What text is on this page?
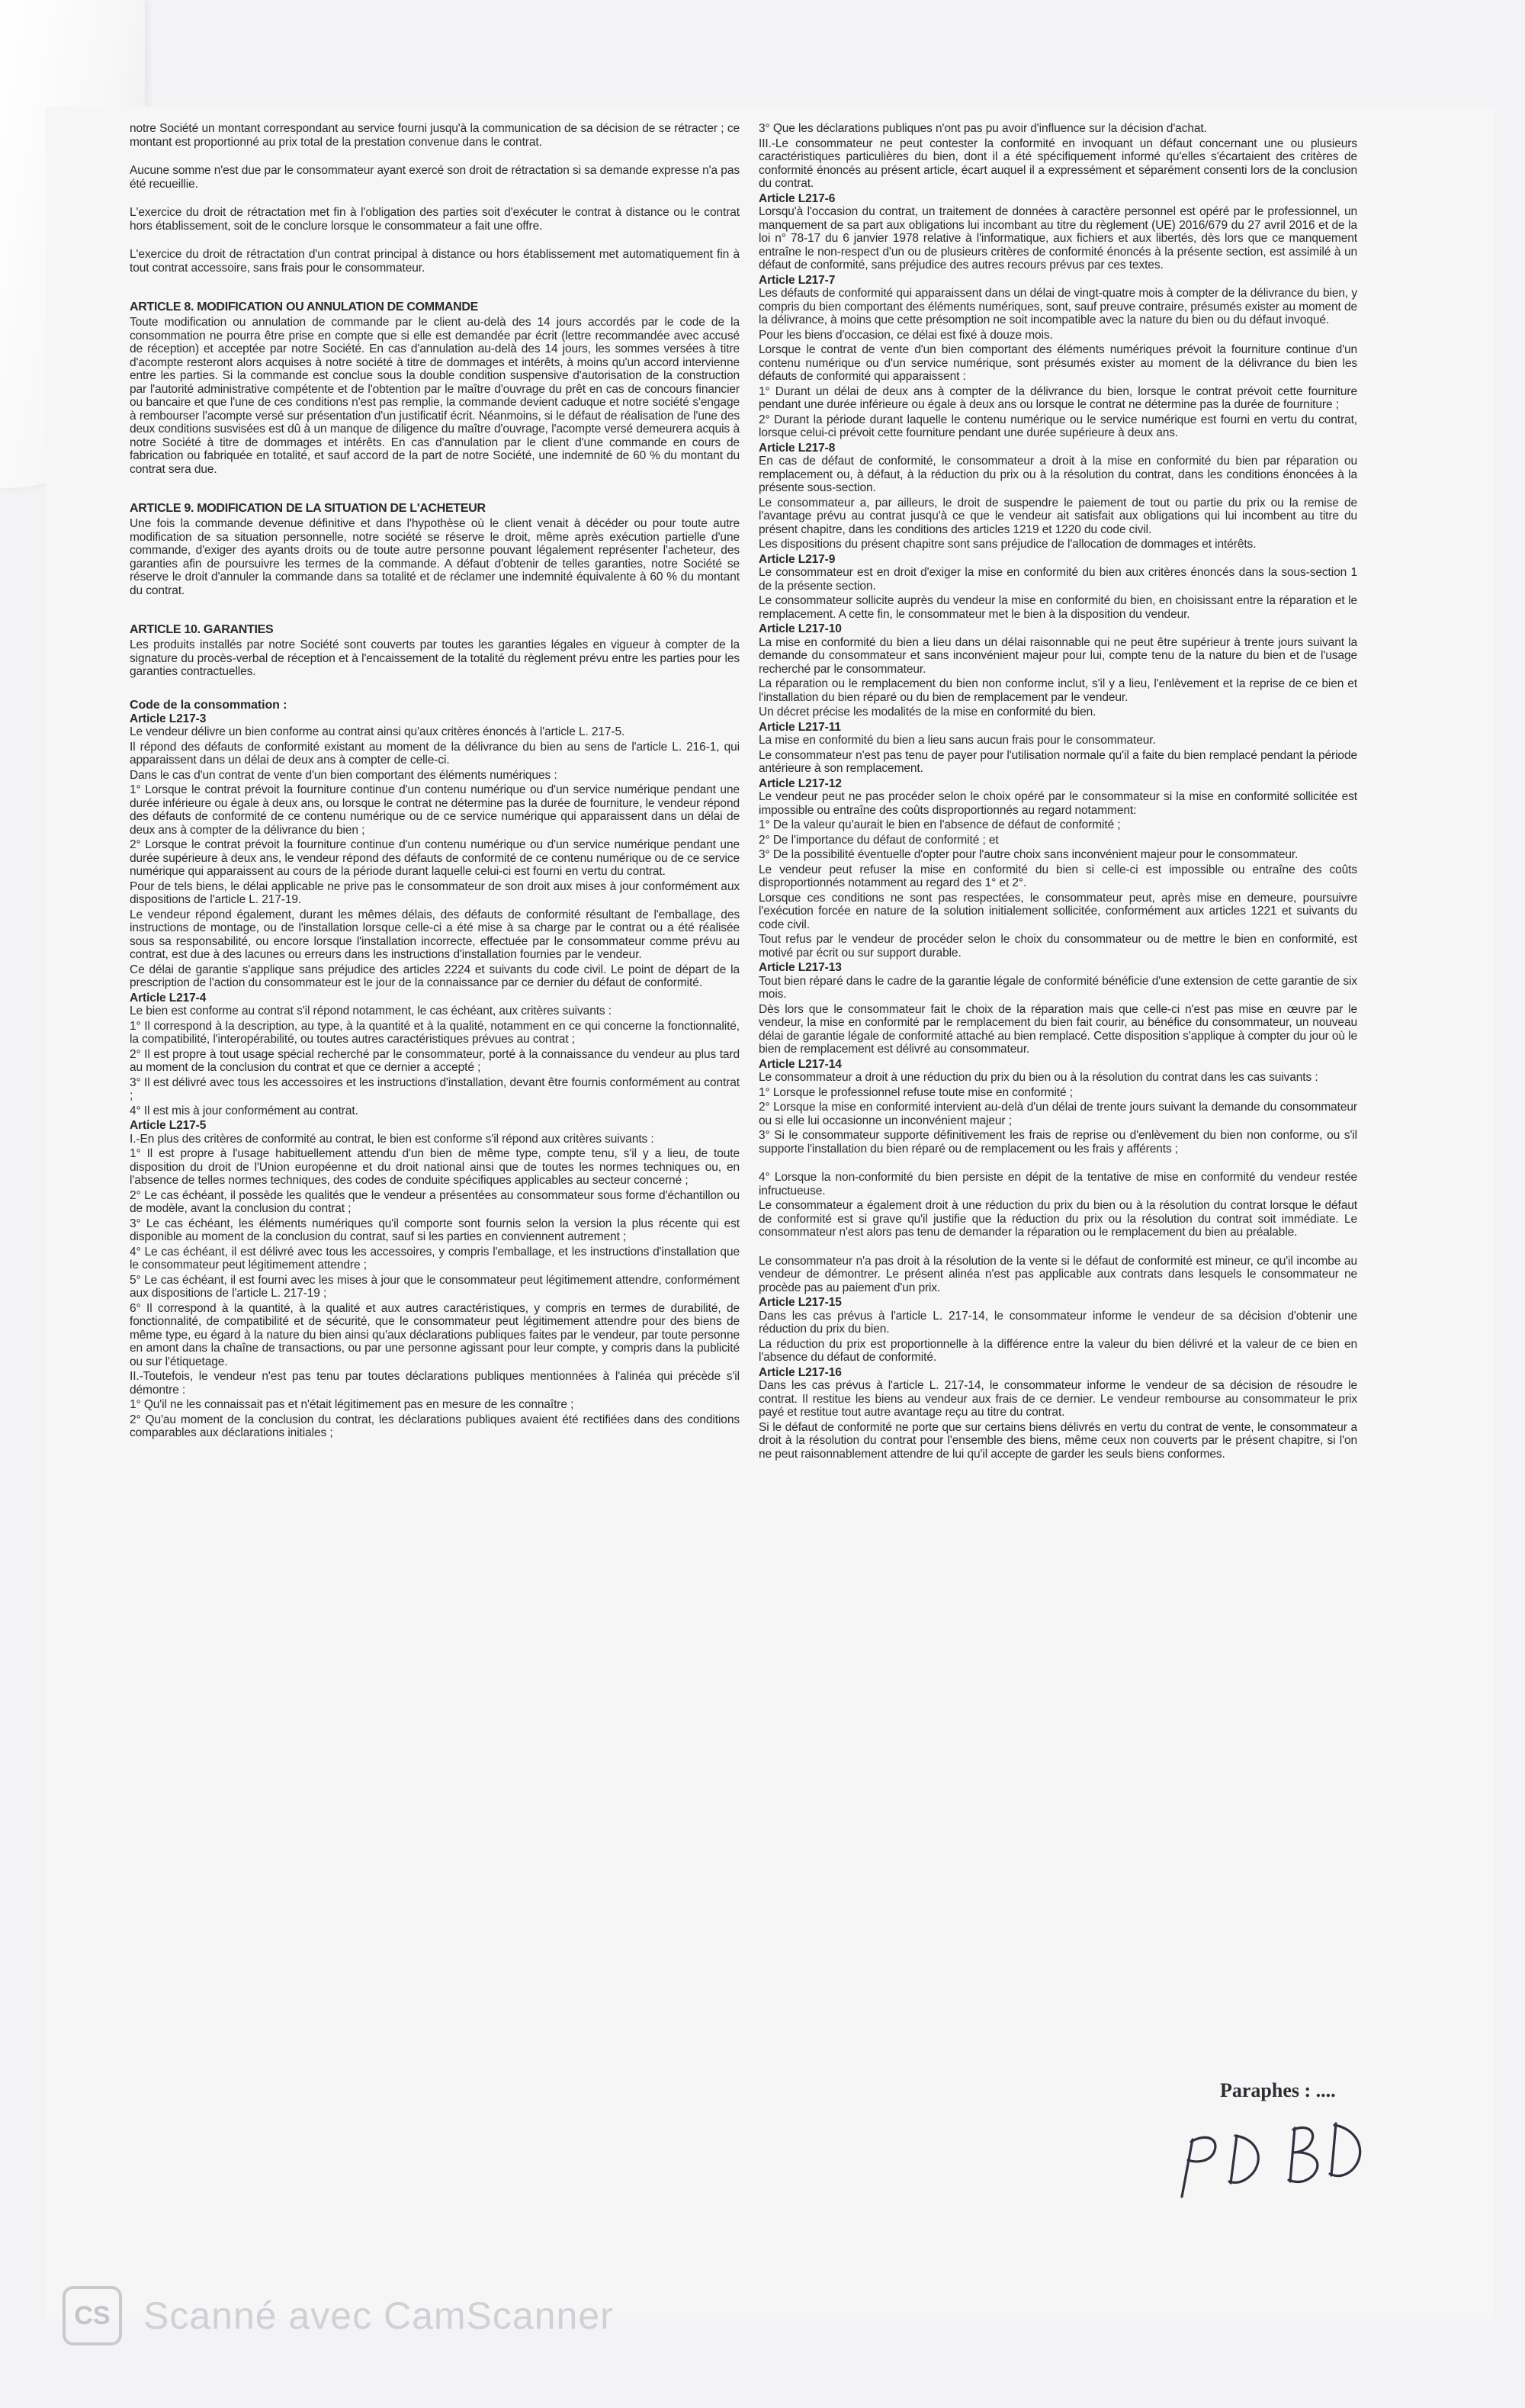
notre Société un montant correspondant au service fourni jusqu'à la communication de sa décision de se rétracter ; ce montant est proportionné au prix total de la prestation convenue dans le contrat.

Aucune somme n'est due par le consommateur ayant exercé son droit de rétractation si sa demande expresse n'a pas été recueillie.

L'exercice du droit de rétractation met fin à l'obligation des parties soit d'exécuter le contrat à distance ou le contrat hors établissement, soit de le conclure lorsque le consommateur a fait une offre.

L'exercice du droit de rétractation d'un contrat principal à distance ou hors établissement met automatiquement fin à tout contrat accessoire, sans frais pour le consommateur.

ARTICLE 8. MODIFICATION OU ANNULATION DE COMMANDE

Toute modification ou annulation de commande par le client au-delà des 14 jours accordés par le code de la consommation ne pourra être prise en compte que si elle est demandée par écrit (lettre recommandée avec accusé de réception) et acceptée par notre Société. En cas d'annulation au-delà des 14 jours, les sommes versées à titre d'acompte resteront alors acquises à notre société à titre de dommages et intérêts, à moins qu'un accord intervienne entre les parties. Si la commande est conclue sous la double condition suspensive d'autorisation de la construction par l'autorité administrative compétente et de l'obtention par le maître d'ouvrage du prêt en cas de concours financier ou bancaire et que l'une de ces conditions n'est pas remplie, la commande devient caduque et notre société s'engage à rembourser l'acompte versé sur présentation d'un justificatif écrit. Néanmoins, si le défaut de réalisation de l'une des deux conditions susvisées est dû à un manque de diligence du maître d'ouvrage, l'acompte versé demeurera acquis à notre Société à titre de dommages et intérêts. En cas d'annulation par le client d'une commande en cours de fabrication ou fabriquée en totalité, et sauf accord de la part de notre Société, une indemnité de 60 % du montant du contrat sera due.

ARTICLE 9. MODIFICATION DE LA SITUATION DE L'ACHETEUR

Une fois la commande devenue définitive et dans l'hypothèse où le client venait à décéder ou pour toute autre modification de sa situation personnelle, notre société se réserve le droit, même après exécution partielle d'une commande, d'exiger des ayants droits ou de toute autre personne pouvant légalement représenter l'acheteur, des garanties afin de poursuivre les termes de la commande. A défaut d'obtenir de telles garanties, notre Société se réserve le droit d'annuler la commande dans sa totalité et de réclamer une indemnité équivalente à 60 % du montant du contrat.

ARTICLE 10. GARANTIES

Les produits installés par notre Société sont couverts par toutes les garanties légales en vigueur à compter de la signature du procès-verbal de réception et à l'encaissement de la totalité du règlement prévu entre les parties pour les garanties contractuelles.

Code de la consommation :
Article L217-3

Le vendeur délivre un bien conforme au contrat ainsi qu'aux critères énoncés à l'article L. 217-5.

Il répond des défauts de conformité existant au moment de la délivrance du bien au sens de l'article L. 216-1, qui apparaissent dans un délai de deux ans à compter de celle-ci.

Dans le cas d'un contrat de vente d'un bien comportant des éléments numériques :

1° Lorsque le contrat prévoit la fourniture continue d'un contenu numérique ou d'un service numérique pendant une durée inférieure ou égale à deux ans, ou lorsque le contrat ne détermine pas la durée de fourniture, le vendeur répond des défauts de conformité de ce contenu numérique ou de ce service numérique qui apparaissent dans un délai de deux ans à compter de la délivrance du bien ;

2° Lorsque le contrat prévoit la fourniture continue d'un contenu numérique ou d'un service numérique pendant une durée supérieure à deux ans, le vendeur répond des défauts de conformité de ce contenu numérique ou de ce service numérique qui apparaissent au cours de la période durant laquelle celui-ci est fourni en vertu du contrat.

Pour de tels biens, le délai applicable ne prive pas le consommateur de son droit aux mises à jour conformément aux dispositions de l'article L. 217-19.

Le vendeur répond également, durant les mêmes délais, des défauts de conformité résultant de l'emballage, des instructions de montage, ou de l'installation lorsque celle-ci a été mise à sa charge par le contrat ou a été réalisée sous sa responsabilité, ou encore lorsque l'installation incorrecte, effectuée par le consommateur comme prévu au contrat, est due à des lacunes ou erreurs dans les instructions d'installation fournies par le vendeur.

Ce délai de garantie s'applique sans préjudice des articles 2224 et suivants du code civil. Le point de départ de la prescription de l'action du consommateur est le jour de la connaissance par ce dernier du défaut de conformité.

Article L217-4

Le bien est conforme au contrat s'il répond notamment, le cas échéant, aux critères suivants :

1° Il correspond à la description, au type, à la quantité et à la qualité, notamment en ce qui concerne la fonctionnalité, la compatibilité, l'interopérabilité, ou toutes autres caractéristiques prévues au contrat ;

2° Il est propre à tout usage spécial recherché par le consommateur, porté à la connaissance du vendeur au plus tard au moment de la conclusion du contrat et que ce dernier a accepté ;

3° Il est délivré avec tous les accessoires et les instructions d'installation, devant être fournis conformément au contrat ;

4° Il est mis à jour conformément au contrat.

Article L217-5

I.-En plus des critères de conformité au contrat, le bien est conforme s'il répond aux critères suivants :

1° Il est propre à l'usage habituellement attendu d'un bien de même type, compte tenu, s'il y a lieu, de toute disposition du droit de l'Union européenne et du droit national ainsi que de toutes les normes techniques ou, en l'absence de telles normes techniques, des codes de conduite spécifiques applicables au secteur concerné ;

2° Le cas échéant, il possède les qualités que le vendeur a présentées au consommateur sous forme d'échantillon ou de modèle, avant la conclusion du contrat ;

3° Le cas échéant, les éléments numériques qu'il comporte sont fournis selon la version la plus récente qui est disponible au moment de la conclusion du contrat, sauf si les parties en conviennent autrement ;

4° Le cas échéant, il est délivré avec tous les accessoires, y compris l'emballage, et les instructions d'installation que le consommateur peut légitimement attendre ;

5° Le cas échéant, il est fourni avec les mises à jour que le consommateur peut légitimement attendre, conformément aux dispositions de l'article L. 217-19 ;

6° Il correspond à la quantité, à la qualité et aux autres caractéristiques, y compris en termes de durabilité, de fonctionnalité, de compatibilité et de sécurité, que le consommateur peut légitimement attendre pour des biens de même type, eu égard à la nature du bien ainsi qu'aux déclarations publiques faites par le vendeur, par toute personne en amont dans la chaîne de transactions, ou par une personne agissant pour leur compte, y compris dans la publicité ou sur l'étiquetage.

II.-Toutefois, le vendeur n'est pas tenu par toutes déclarations publiques mentionnées à l'alinéa qui précède s'il démontre :

1° Qu'il ne les connaissait pas et n'était légitimement pas en mesure de les connaître ;

2° Qu'au moment de la conclusion du contrat, les déclarations publiques avaient été rectifiées dans des conditions comparables aux déclarations initiales ;

3° Que les déclarations publiques n'ont pas pu avoir d'influence sur la décision d'achat.

III.-Le consommateur ne peut contester la conformité en invoquant un défaut concernant une ou plusieurs caractéristiques particulières du bien, dont il a été spécifiquement informé qu'elles s'écartaient des critères de conformité énoncés au présent article, écart auquel il a expressément et séparément consenti lors de la conclusion du contrat.

Article L217-6

Lorsqu'à l'occasion du contrat, un traitement de données à caractère personnel est opéré par le professionnel, un manquement de sa part aux obligations lui incombant au titre du règlement (UE) 2016/679 du 27 avril 2016 et de la loi n° 78-17 du 6 janvier 1978 relative à l'informatique, aux fichiers et aux libertés, dès lors que ce manquement entraîne le non-respect d'un ou de plusieurs critères de conformité énoncés à la présente section, est assimilé à un défaut de conformité, sans préjudice des autres recours prévus par ces textes.

Article L217-7

Les défauts de conformité qui apparaissent dans un délai de vingt-quatre mois à compter de la délivrance du bien, y compris du bien comportant des éléments numériques, sont, sauf preuve contraire, présumés exister au moment de la délivrance, à moins que cette présomption ne soit incompatible avec la nature du bien ou du défaut invoqué.

Pour les biens d'occasion, ce délai est fixé à douze mois.

Lorsque le contrat de vente d'un bien comportant des éléments numériques prévoit la fourniture continue d'un contenu numérique ou d'un service numérique, sont présumés exister au moment de la délivrance du bien les défauts de conformité qui apparaissent :

1° Durant un délai de deux ans à compter de la délivrance du bien, lorsque le contrat prévoit cette fourniture pendant une durée inférieure ou égale à deux ans ou lorsque le contrat ne détermine pas la durée de fourniture ;

2° Durant la période durant laquelle le contenu numérique ou le service numérique est fourni en vertu du contrat, lorsque celui-ci prévoit cette fourniture pendant une durée supérieure à deux ans.

Article L217-8

En cas de défaut de conformité, le consommateur a droit à la mise en conformité du bien par réparation ou remplacement ou, à défaut, à la réduction du prix ou à la résolution du contrat, dans les conditions énoncées à la présente sous-section.

Le consommateur a, par ailleurs, le droit de suspendre le paiement de tout ou partie du prix ou la remise de l'avantage prévu au contrat jusqu'à ce que le vendeur ait satisfait aux obligations qui lui incombent au titre du présent chapitre, dans les conditions des articles 1219 et 1220 du code civil.

Les dispositions du présent chapitre sont sans préjudice de l'allocation de dommages et intérêts.

Article L217-9

Le consommateur est en droit d'exiger la mise en conformité du bien aux critères énoncés dans la sous-section 1 de la présente section.

Le consommateur sollicite auprès du vendeur la mise en conformité du bien, en choisissant entre la réparation et le remplacement. A cette fin, le consommateur met le bien à la disposition du vendeur.

Article L217-10

La mise en conformité du bien a lieu dans un délai raisonnable qui ne peut être supérieur à trente jours suivant la demande du consommateur et sans inconvénient majeur pour lui, compte tenu de la nature du bien et de l'usage recherché par le consommateur.

La réparation ou le remplacement du bien non conforme inclut, s'il y a lieu, l'enlèvement et la reprise de ce bien et l'installation du bien réparé ou du bien de remplacement par le vendeur.

Un décret précise les modalités de la mise en conformité du bien.

Article L217-11

La mise en conformité du bien a lieu sans aucun frais pour le consommateur.

Le consommateur n'est pas tenu de payer pour l'utilisation normale qu'il a faite du bien remplacé pendant la période antérieure à son remplacement.

Article L217-12

Le vendeur peut ne pas procéder selon le choix opéré par le consommateur si la mise en conformité sollicitée est impossible ou entraîne des coûts disproportionnés au regard notamment:

1° De la valeur qu'aurait le bien en l'absence de défaut de conformité ;

2° De l'importance du défaut de conformité ; et

3° De la possibilité éventuelle d'opter pour l'autre choix sans inconvénient majeur pour le consommateur.

Le vendeur peut refuser la mise en conformité du bien si celle-ci est impossible ou entraîne des coûts disproportionnés notamment au regard des 1° et 2°.

Lorsque ces conditions ne sont pas respectées, le consommateur peut, après mise en demeure, poursuivre l'exécution forcée en nature de la solution initialement sollicitée, conformément aux articles 1221 et suivants du code civil.

Tout refus par le vendeur de procéder selon le choix du consommateur ou de mettre le bien en conformité, est motivé par écrit ou sur support durable.

Article L217-13

Tout bien réparé dans le cadre de la garantie légale de conformité bénéficie d'une extension de cette garantie de six mois.

Dès lors que le consommateur fait le choix de la réparation mais que celle-ci n'est pas mise en œuvre par le vendeur, la mise en conformité par le remplacement du bien fait courir, au bénéfice du consommateur, un nouveau délai de garantie légale de conformité attaché au bien remplacé. Cette disposition s'applique à compter du jour où le bien de remplacement est délivré au consommateur.

Article L217-14

Le consommateur a droit à une réduction du prix du bien ou à la résolution du contrat dans les cas suivants :

1° Lorsque le professionnel refuse toute mise en conformité ;

2° Lorsque la mise en conformité intervient au-delà d'un délai de trente jours suivant la demande du consommateur ou si elle lui occasionne un inconvénient majeur ;

3° Si le consommateur supporte définitivement les frais de reprise ou d'enlèvement du bien non conforme, ou s'il supporte l'installation du bien réparé ou de remplacement ou les frais y afférents ;

4° Lorsque la non-conformité du bien persiste en dépit de la tentative de mise en conformité du vendeur restée infructueuse.

Le consommateur a également droit à une réduction du prix du bien ou à la résolution du contrat lorsque le défaut de conformité est si grave qu'il justifie que la réduction du prix ou la résolution du contrat soit immédiate. Le consommateur n'est alors pas tenu de demander la réparation ou le remplacement du bien au préalable.

Le consommateur n'a pas droit à la résolution de la vente si le défaut de conformité est mineur, ce qu'il incombe au vendeur de démontrer. Le présent alinéa n'est pas applicable aux contrats dans lesquels le consommateur ne procède pas au paiement d'un prix.

Article L217-15

Dans les cas prévus à l'article L. 217-14, le consommateur informe le vendeur de sa décision d'obtenir une réduction du prix du bien.

La réduction du prix est proportionnelle à la différence entre la valeur du bien délivré et la valeur de ce bien en l'absence du défaut de conformité.

Article L217-16

Dans les cas prévus à l'article L. 217-14, le consommateur informe le vendeur de sa décision de résoudre le contrat. Il restitue les biens au vendeur aux frais de ce dernier. Le vendeur rembourse au consommateur le prix payé et restitue tout autre avantage reçu au titre du contrat.

Si le défaut de conformité ne porte que sur certains biens délivrés en vertu du contrat de vente, le consommateur a droit à la résolution du contrat pour l'ensemble des biens, même ceux non couverts par le présent chapitre, si l'on ne peut raisonnablement attendre de lui qu'il accepte de garder les seuls biens conformes.

Paraphes : ....
CS Scanné avec CamScanner
